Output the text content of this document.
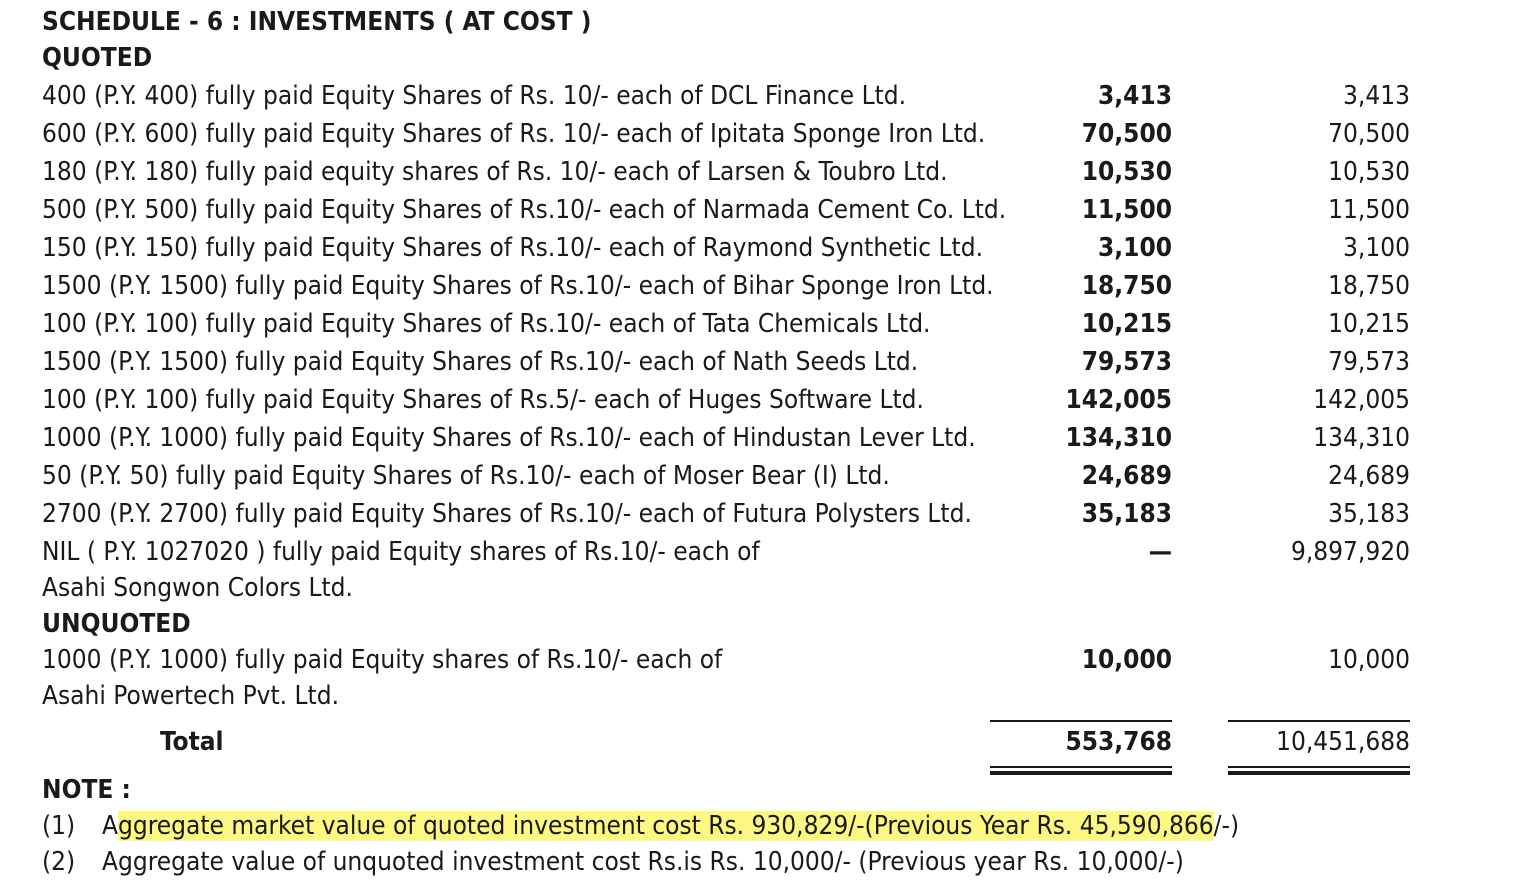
SCHEDULE - 6 : INVESTMENTS ( AT COST )
QUOTED
400 (P.Y. 400) fully paid Equity Shares of Rs. 10/- each of DCL Finance Ltd.	3,413	3,413
600 (P.Y. 600) fully paid Equity Shares of Rs. 10/- each of Ipitata Sponge Iron Ltd.	70,500	70,500
180 (P.Y. 180) fully paid equity shares of Rs. 10/- each of Larsen & Toubro Ltd.	10,530	10,530
500 (P.Y. 500) fully paid Equity Shares of Rs.10/- each of Narmada Cement Co. Ltd.	11,500	11,500
150 (P.Y. 150) fully paid Equity Shares of Rs.10/- each of Raymond Synthetic Ltd.	3,100	3,100
1500 (P.Y. 1500) fully paid Equity Shares of Rs.10/- each of Bihar Sponge Iron Ltd.	18,750	18,750
100 (P.Y. 100) fully paid Equity Shares of Rs.10/- each of Tata Chemicals Ltd.	10,215	10,215
1500 (P.Y. 1500) fully paid Equity Shares of Rs.10/- each of Nath Seeds Ltd.	79,573	79,573
100 (P.Y. 100) fully paid Equity Shares of Rs.5/- each of Huges Software Ltd.	142,005	142,005
1000 (P.Y. 1000) fully paid Equity Shares of Rs.10/- each of Hindustan Lever Ltd.	134,310	134,310
50 (P.Y. 50) fully paid Equity Shares of Rs.10/- each of Moser Bear (I) Ltd.	24,689	24,689
2700 (P.Y. 2700) fully paid Equity Shares of Rs.10/- each of Futura Polysters Ltd.	35,183	35,183
NIL ( P.Y. 1027020 ) fully paid Equity shares of Rs.10/- each of	—	9,897,920
Asahi Songwon Colors Ltd.
UNQUOTED
1000 (P.Y. 1000) fully paid Equity shares of Rs.10/- each of	10,000	10,000
Asahi Powertech Pvt. Ltd.
Total	553,768	10,451,688
NOTE :
(1) Aggregate market value of quoted investment cost Rs. 930,829/-(Previous Year Rs. 45,590,866/-)
(2) Aggregate value of unquoted investment cost Rs.is Rs. 10,000/- (Previous year Rs. 10,000/-)
